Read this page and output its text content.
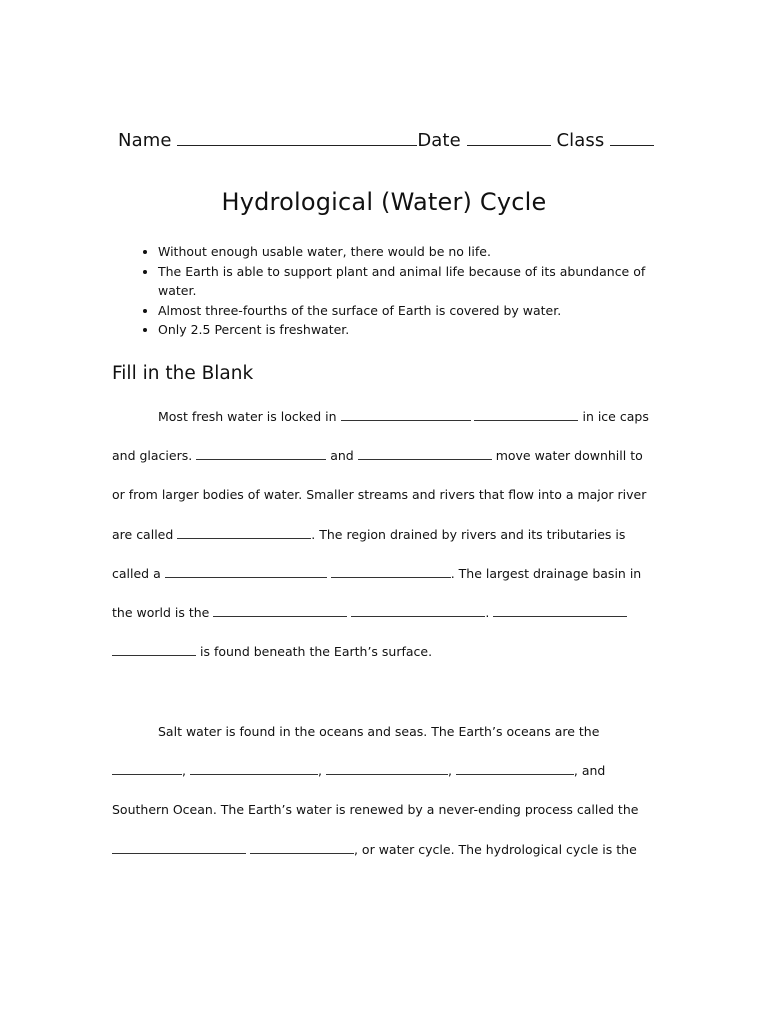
Name	Date	Class
Hydrological (Water) Cycle
• Without enough usable water, there would be no life.
• The Earth is able to support plant and animal life because of its abundance of water.
• Almost three-fourths of the surface of Earth is covered by water.
• Only 2.5 Percent is freshwater.
Fill in the Blank
Most fresh water is locked in	in ice caps
and glaciers.	and	move water downhill to
or from larger bodies of water. Smaller streams and rivers that flow into a major river
are called	. The region drained by rivers and its tributaries is
called a	. The largest drainage basin in
the world is the	.
is found beneath the Earth’s surface.
Salt water is found in the oceans and seas. The Earth’s oceans are the
,	,	,	, and
Southern Ocean. The Earth’s water is renewed by a never-ending process called the
, or water cycle. The hydrological cycle is the
